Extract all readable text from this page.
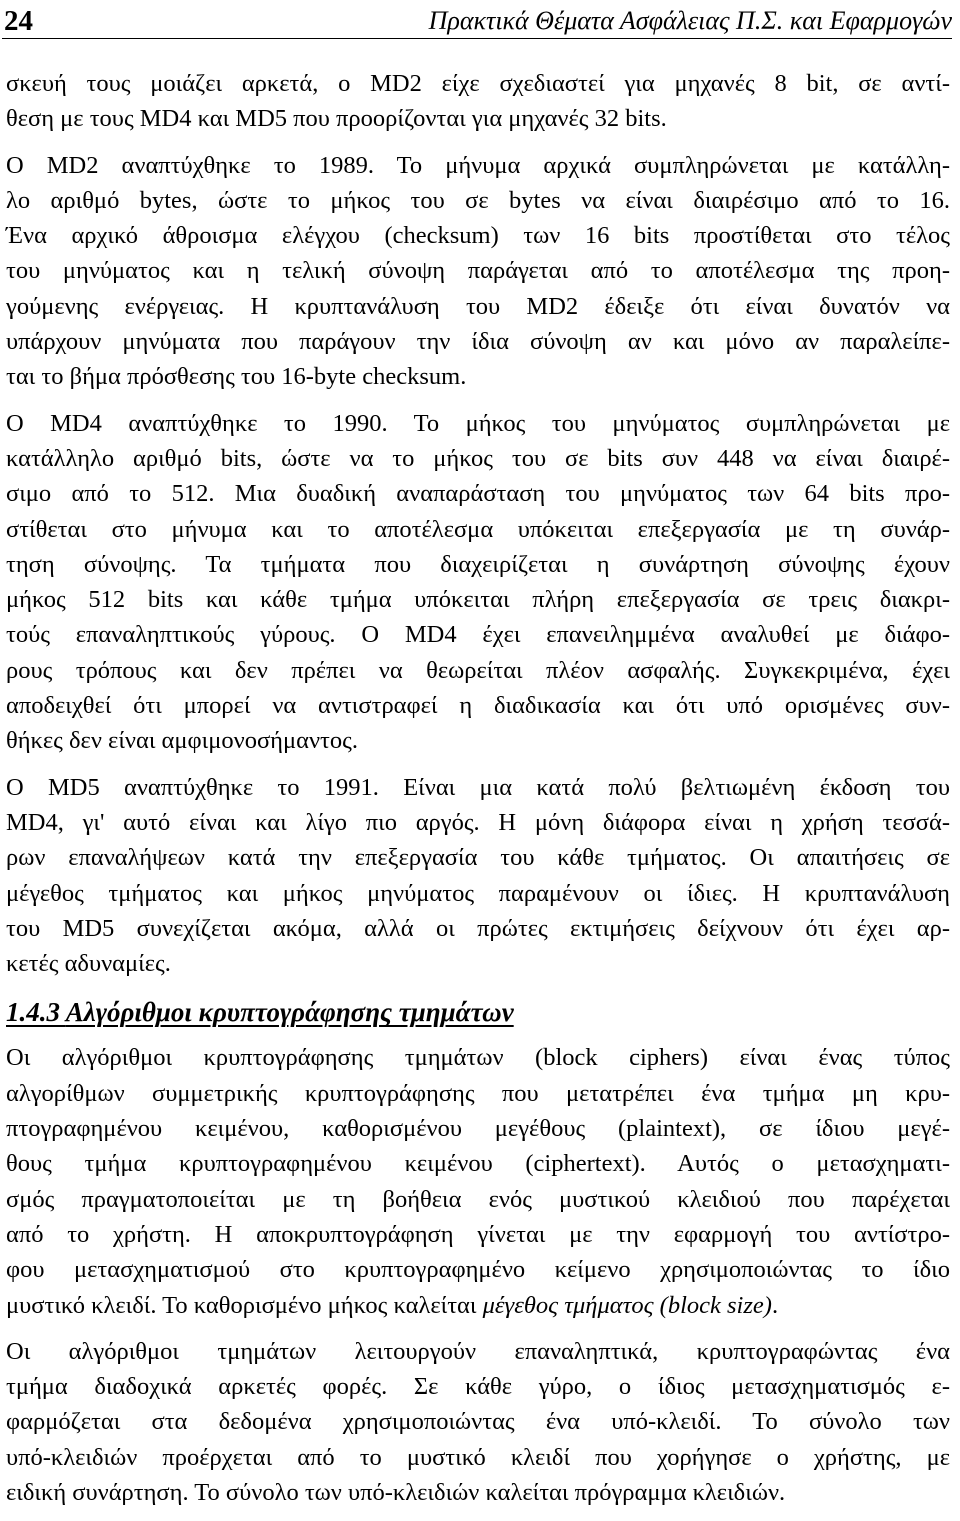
24	Πρακτικά Θέματα Ασφάλειας Π.Σ. και Εφαρμογών

σκευή τους μοιάζει αρκετά, ο MD2 είχε σχεδιαστεί για μηχανές 8 bit, σε αντί-
θεση με τους MD4 και MD5 που προορίζονται για μηχανές 32 bits.

Ο MD2 αναπτύχθηκε το 1989. Το μήνυμα αρχικά συμπληρώνεται με κατάλλη-
λο αριθμό bytes, ώστε το μήκος του σε bytes να είναι διαιρέσιμο από το 16.
Ένα αρχικό άθροισμα ελέγχου (checksum) των 16 bits προστίθεται στο τέλος
του μηνύματος και η τελική σύνοψη παράγεται από το αποτέλεσμα της προη-
γούμενης ενέργειας. Η κρυπτανάλυση του MD2 έδειξε ότι είναι δυνατόν να
υπάρχουν μηνύματα που παράγουν την ίδια σύνοψη αν και μόνο αν παραλείπε-
ται το βήμα πρόσθεσης του 16-byte checksum.

Ο MD4 αναπτύχθηκε το 1990. Το μήκος του μηνύματος συμπληρώνεται με
κατάλληλο αριθμό bits, ώστε να το μήκος του σε bits συν 448 να είναι διαιρέ-
σιμο από το 512. Μια δυαδική αναπαράσταση του μηνύματος των 64 bits προ-
στίθεται στο μήνυμα και το αποτέλεσμα υπόκειται επεξεργασία με τη συνάρ-
τηση σύνοψης. Τα τμήματα που διαχειρίζεται η συνάρτηση σύνοψης έχουν
μήκος 512 bits και κάθε τμήμα υπόκειται πλήρη επεξεργασία σε τρεις διακρι-
τούς επαναληπτικούς γύρους. Ο MD4 έχει επανειλημμένα αναλυθεί με διάφο-
ρους τρόπους και δεν πρέπει να θεωρείται πλέον ασφαλής. Συγκεκριμένα, έχει
αποδειχθεί ότι μπορεί να αντιστραφεί η διαδικασία και ότι υπό ορισμένες συν-
θήκες δεν είναι αμφιμονοσήμαντος.

Ο MD5 αναπτύχθηκε το 1991. Είναι μια κατά πολύ βελτιωμένη έκδοση του
MD4, γι' αυτό είναι και λίγο πιο αργός. Η μόνη διάφορα είναι η χρήση τεσσά-
ρων επαναλήψεων κατά την επεξεργασία του κάθε τμήματος. Οι απαιτήσεις σε
μέγεθος τμήματος και μήκος μηνύματος παραμένουν οι ίδιες. Η κρυπτανάλυση
του MD5 συνεχίζεται ακόμα, αλλά οι πρώτες εκτιμήσεις δείχνουν ότι έχει αρ-
κετές αδυναμίες.

1.4.3 Αλγόριθμοι κρυπτογράφησης τμημάτων

Οι αλγόριθμοι κρυπτογράφησης τμημάτων (block ciphers) είναι ένας τύπος
αλγορίθμων συμμετρικής κρυπτογράφησης που μετατρέπει ένα τμήμα μη κρυ-
πτογραφημένου κειμένου, καθορισμένου μεγέθους (plaintext), σε ίδιου μεγέ-
θους τμήμα κρυπτογραφημένου κειμένου (ciphertext). Αυτός ο μετασχηματι-
σμός πραγματοποιείται με τη βοήθεια ενός μυστικού κλειδιού που παρέχεται
από το χρήστη. Η αποκρυπτογράφηση γίνεται με την εφαρμογή του αντίστρο-
φου μετασχηματισμού στο κρυπτογραφημένο κείμενο χρησιμοποιώντας το ίδιο
μυστικό κλειδί. Το καθορισμένο μήκος καλείται μέγεθος τμήματος (block size).

Οι αλγόριθμοι τμημάτων λειτουργούν επαναληπτικά, κρυπτογραφώντας ένα
τμήμα διαδοχικά αρκετές φορές. Σε κάθε γύρο, ο ίδιος μετασχηματισμός ε-
φαρμόζεται στα δεδομένα χρησιμοποιώντας ένα υπό-κλειδί. Το σύνολο των
υπό-κλειδιών προέρχεται από το μυστικό κλειδί που χορήγησε ο χρήστης, με
ειδική συνάρτηση. Το σύνολο των υπό-κλειδιών καλείται πρόγραμμα κλειδιών.
